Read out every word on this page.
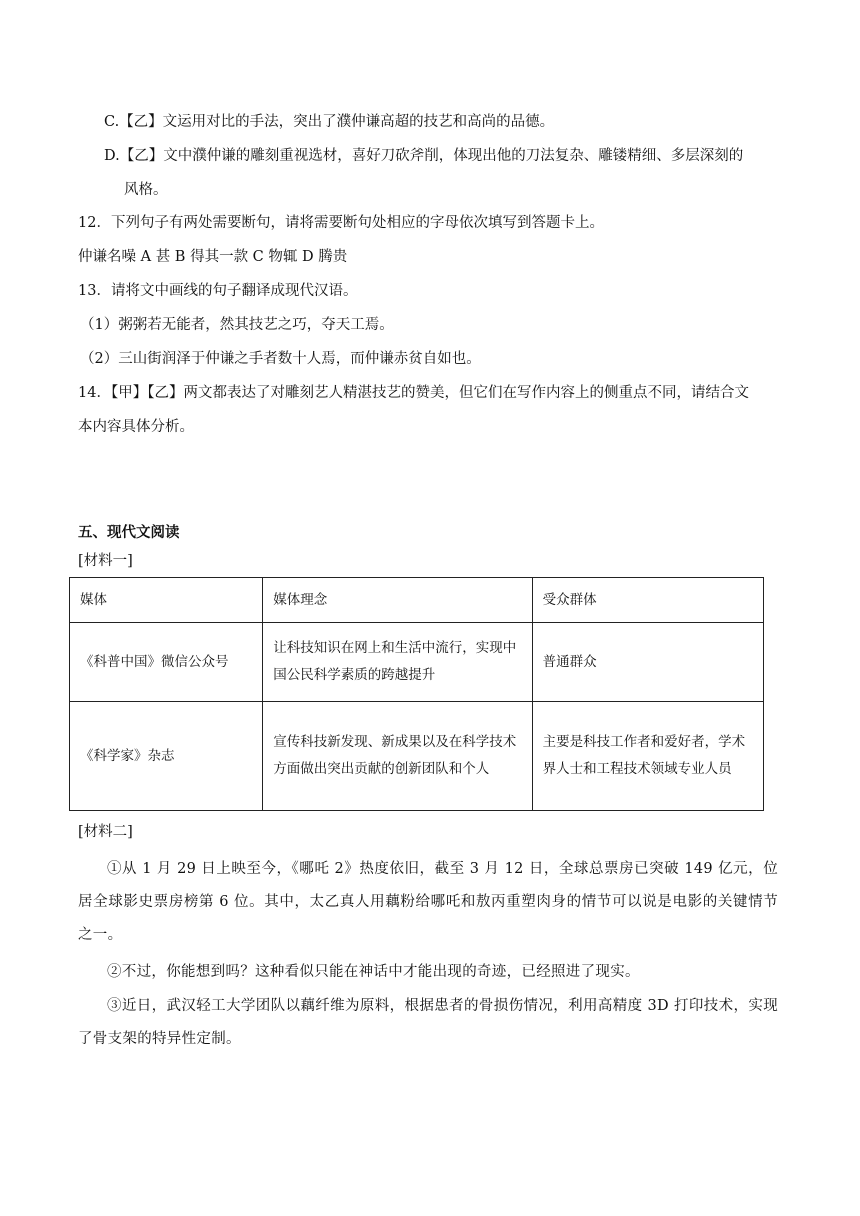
C.【乙】文运用对比的手法，突出了濮仲谦高超的技艺和高尚的品德。
D.【乙】文中濮仲谦的雕刻重视选材，喜好刀砍斧削，体现出他的刀法复杂、雕镂精细、多层深刻的
风格。
12．下列句子有两处需要断句，请将需要断句处相应的字母依次填写到答题卡上。
仲谦名噪 A 甚 B 得其一款 C 物辄 D 腾贵
13．请将文中画线的句子翻译成现代汉语。
（1）粥粥若无能者，然其技艺之巧，夺天工焉。
（2）三山街润泽于仲谦之手者数十人焉，而仲谦赤贫自如也。
14．【甲】【乙】两文都表达了对雕刻艺人精湛技艺的赞美，但它们在写作内容上的侧重点不同，请结合文
本内容具体分析。
五、现代文阅读
[材料一]
媒体	媒体理念	受众群体
《科普中国》微信公众号	让科技知识在网上和生活中流行，实现中国公民科学素质的跨越提升	普通群众
《科学家》杂志	宣传科技新发现、新成果以及在科学技术方面做出突出贡献的创新团队和个人	主要是科技工作者和爱好者，学术界人士和工程技术领域专业人员
[材料二]
①从 1 月 29 日上映至今，《哪吒 2》热度依旧，截至 3 月 12 日，全球总票房已突破 149 亿元，位居全球影史票房榜第 6 位。其中，太乙真人用藕粉给哪吒和敖丙重塑肉身的情节可以说是电影的关键情节之一。
②不过，你能想到吗？这种看似只能在神话中才能出现的奇迹，已经照进了现实。
③近日，武汉轻工大学团队以藕纤维为原料，根据患者的骨损伤情况，利用高精度 3D 打印技术，实现了骨支架的特异性定制。
